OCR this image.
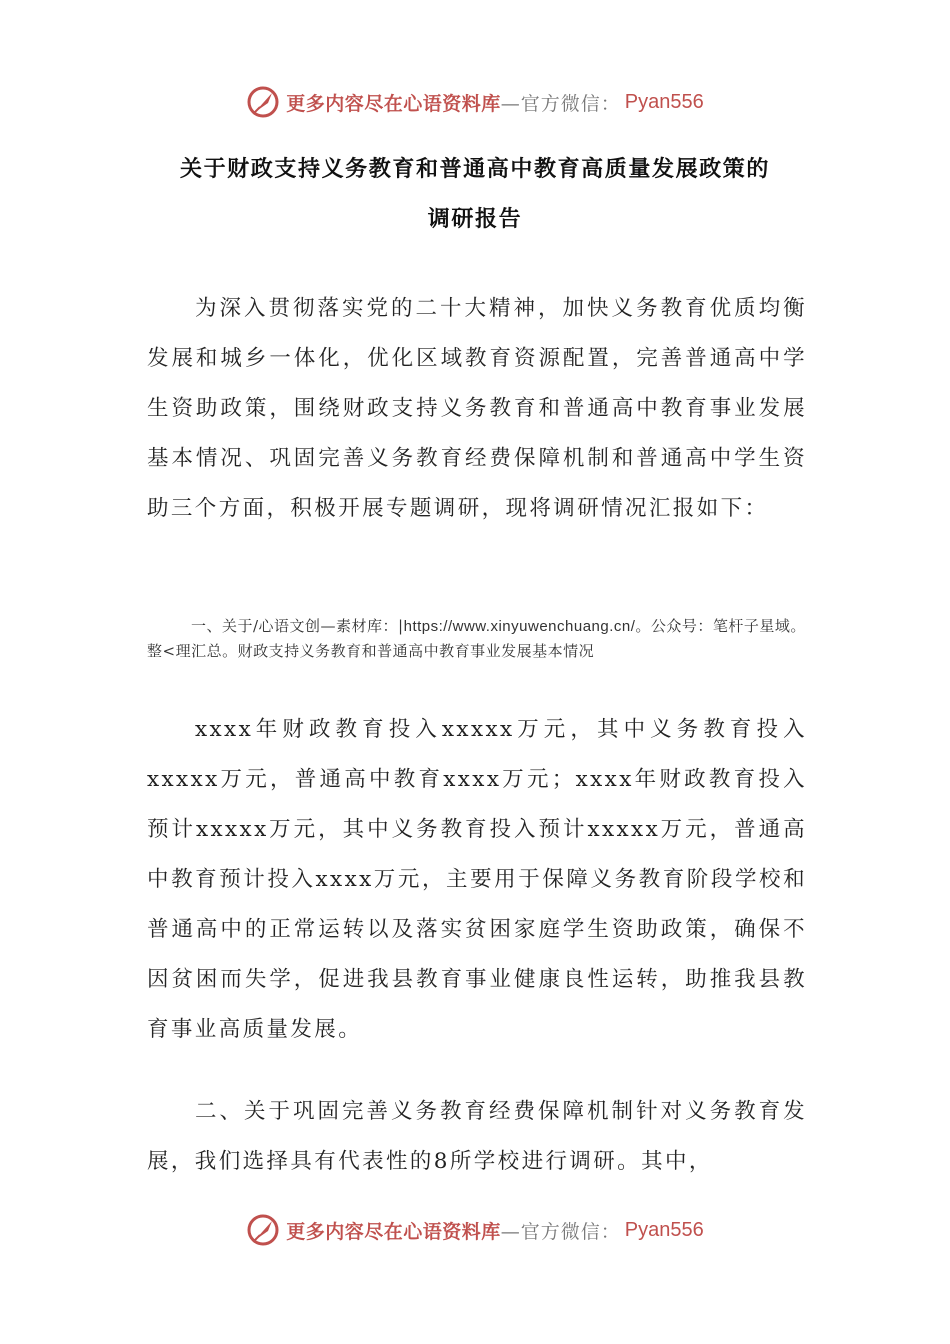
更多内容尽在心语资料库 —官方微信： Pyan556
关于财政支持义务教育和普通高中教育高质量发展政策的
调研报告

为深入贯彻落实党的二十大精神，加快义务教育优质均衡发展和城乡一体化，优化区域教育资源配置，完善普通高中学生资助政策，围绕财政支持义务教育和普通高中教育事业发展基本情况、巩固完善义务教育经费保障机制和普通高中学生资助三个方面，积极开展专题调研，现将调研情况汇报如下：

一、关于/心语文创—素材库：|https://www.xinyuwenchuang.cn/。公众号：笔杆子星域。整<理汇总。财政支持义务教育和普通高中教育事业发展基本情况

xxxx年财政教育投入xxxxx万元，其中义务教育投入xxxxx万元，普通高中教育xxxx万元；xxxx年财政教育投入预计xxxxx万元，其中义务教育投入预计xxxxx万元，普通高中教育预计投入xxxx万元，主要用于保障义务教育阶段学校和普通高中的正常运转以及落实贫困家庭学生资助政策，确保不因贫困而失学，促进我县教育事业健康良性运转，助推我县教育事业高质量发展。

二、关于巩固完善义务教育经费保障机制针对义务教育发展，我们选择具有代表性的8所学校进行调研。其中，

更多内容尽在心语资料库 —官方微信： Pyan556
